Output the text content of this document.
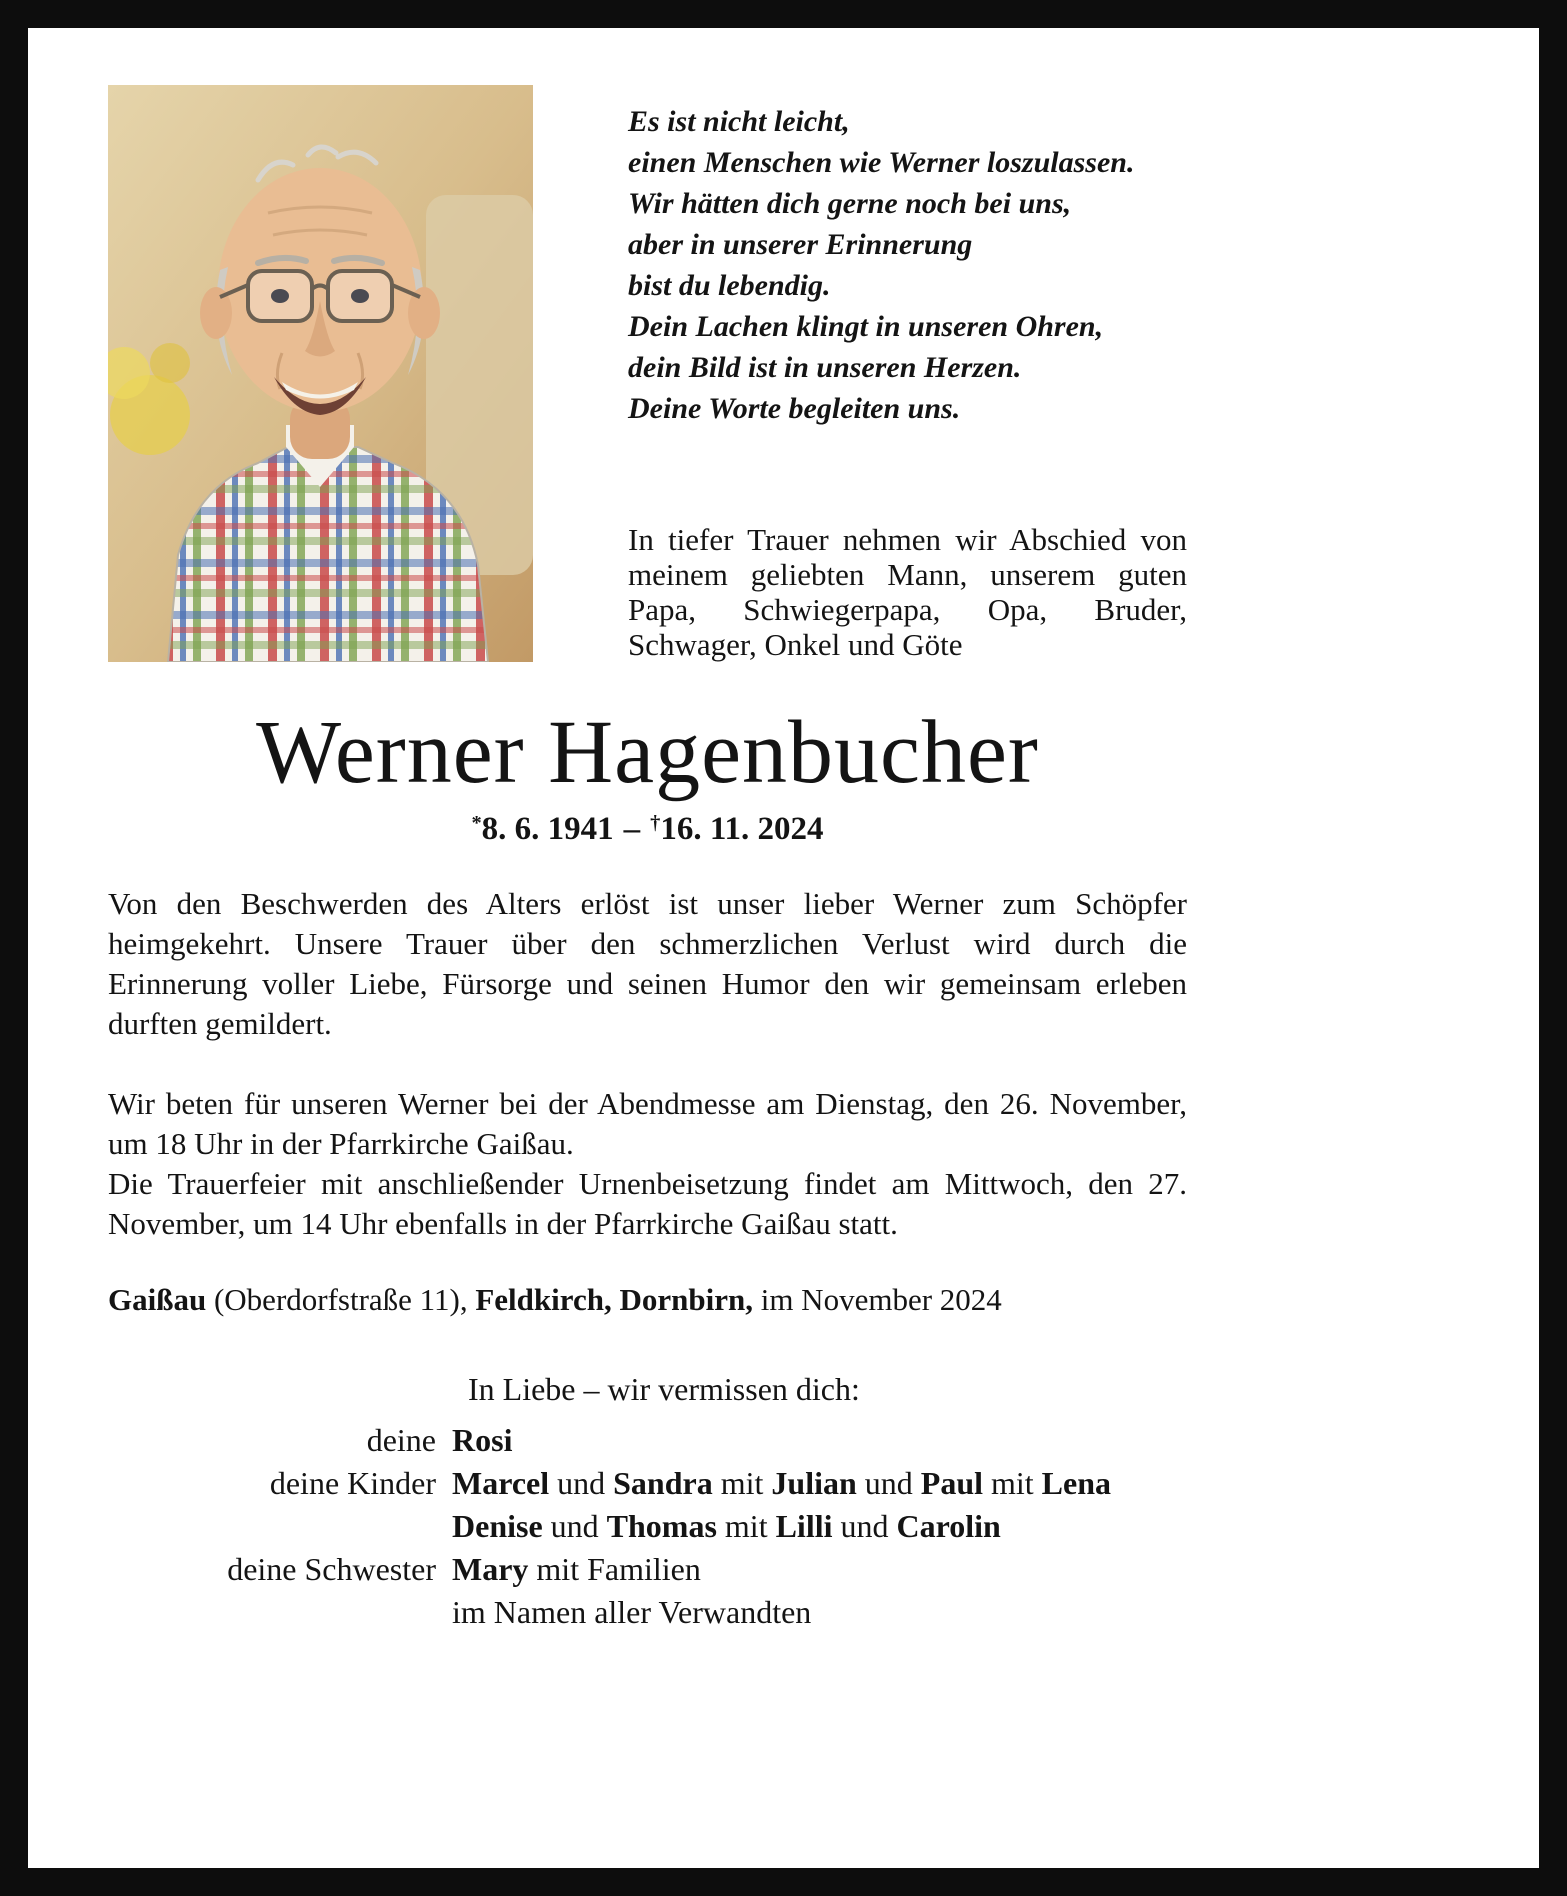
Es ist nicht leicht,
einen Menschen wie Werner loszulassen.
Wir hätten dich gerne noch bei uns,
aber in unserer Erinnerung
bist du lebendig.
Dein Lachen klingt in unseren Ohren,
dein Bild ist in unseren Herzen.
Deine Worte begleiten uns.
In tiefer Trauer nehmen wir Abschied von meinem geliebten Mann, unserem guten Papa, Schwiegerpapa, Opa, Bruder, Schwager, Onkel und Göte
Werner Hagenbucher
*8. 6. 1941 – †16. 11. 2024

Von den Beschwerden des Alters erlöst ist unser lieber Werner zum Schöpfer heimgekehrt. Unsere Trauer über den schmerzlichen Verlust wird durch die Erinnerung voller Liebe, Fürsorge und seinen Humor den wir gemeinsam erleben durften gemildert.

Wir beten für unseren Werner bei der Abendmesse am Dienstag, den 26. November, um 18 Uhr in der Pfarrkirche Gaißau.

Die Trauerfeier mit anschließender Urnenbeisetzung findet am Mittwoch, den 27. November, um 14 Uhr ebenfalls in der Pfarrkirche Gaißau statt.

Gaißau (Oberdorfstraße 11), Feldkirch, Dornbirn, im November 2024

In Liebe – wir vermissen dich:
deine Rosi
deine Kinder Marcel und Sandra mit Julian und Paul mit Lena
Denise und Thomas mit Lilli und Carolin
deine Schwester Mary mit Familien
im Namen aller Verwandten
